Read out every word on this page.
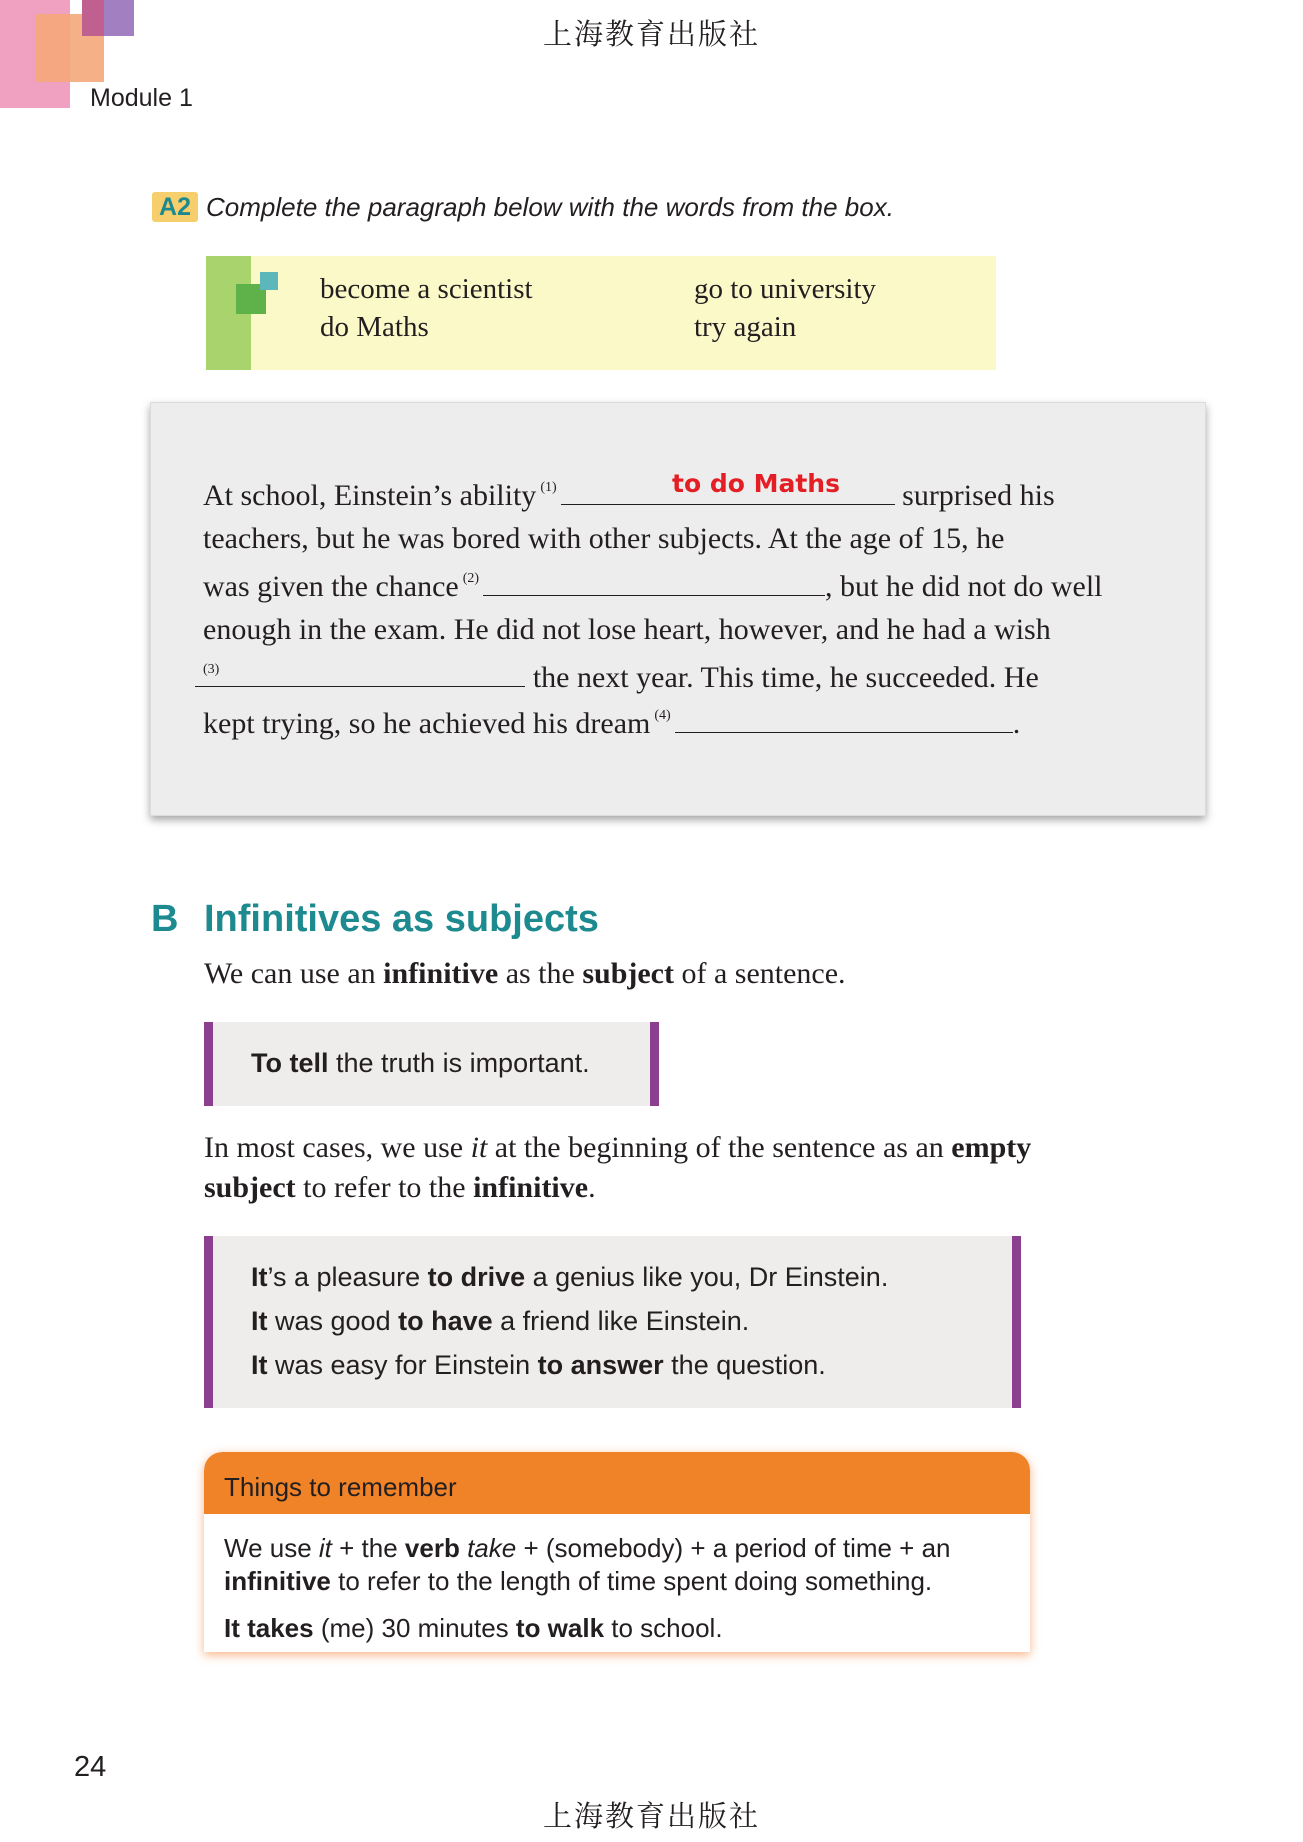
上海教育出版社
Module 1
A2 Complete the paragraph below with the words from the box.
become a scientist	go to university
do Maths	try again
At school, Einstein’s ability $^{(1)}$	surprised his
teachers, but he was bored with other subjects. At the age of 15, he
was given the chance $^{(2)}$	, but he did not do well
enough in the exam. He did not lose heart, however, and he had a wish
$^{(3)}$	the next year. This time, he succeeded. He
kept trying, so he achieved his dream $^{(4)}$	.
to do Maths
B Infinitives as subjects
We can use an infinitive as the subject of a sentence.
To tell the truth is important.
In most cases, we use it at the beginning of the sentence as an empty
subject to refer to the infinitive.
It’s a pleasure to drive a genius like you, Dr Einstein.
It was good to have a friend like Einstein.
It was easy for Einstein to answer the question.
Things to remember
We use it + the verb take + (somebody) + a period of time + an
infinitive to refer to the length of time spent doing something.
It takes (me) 30 minutes to walk to school.
24
上海教育出版社
